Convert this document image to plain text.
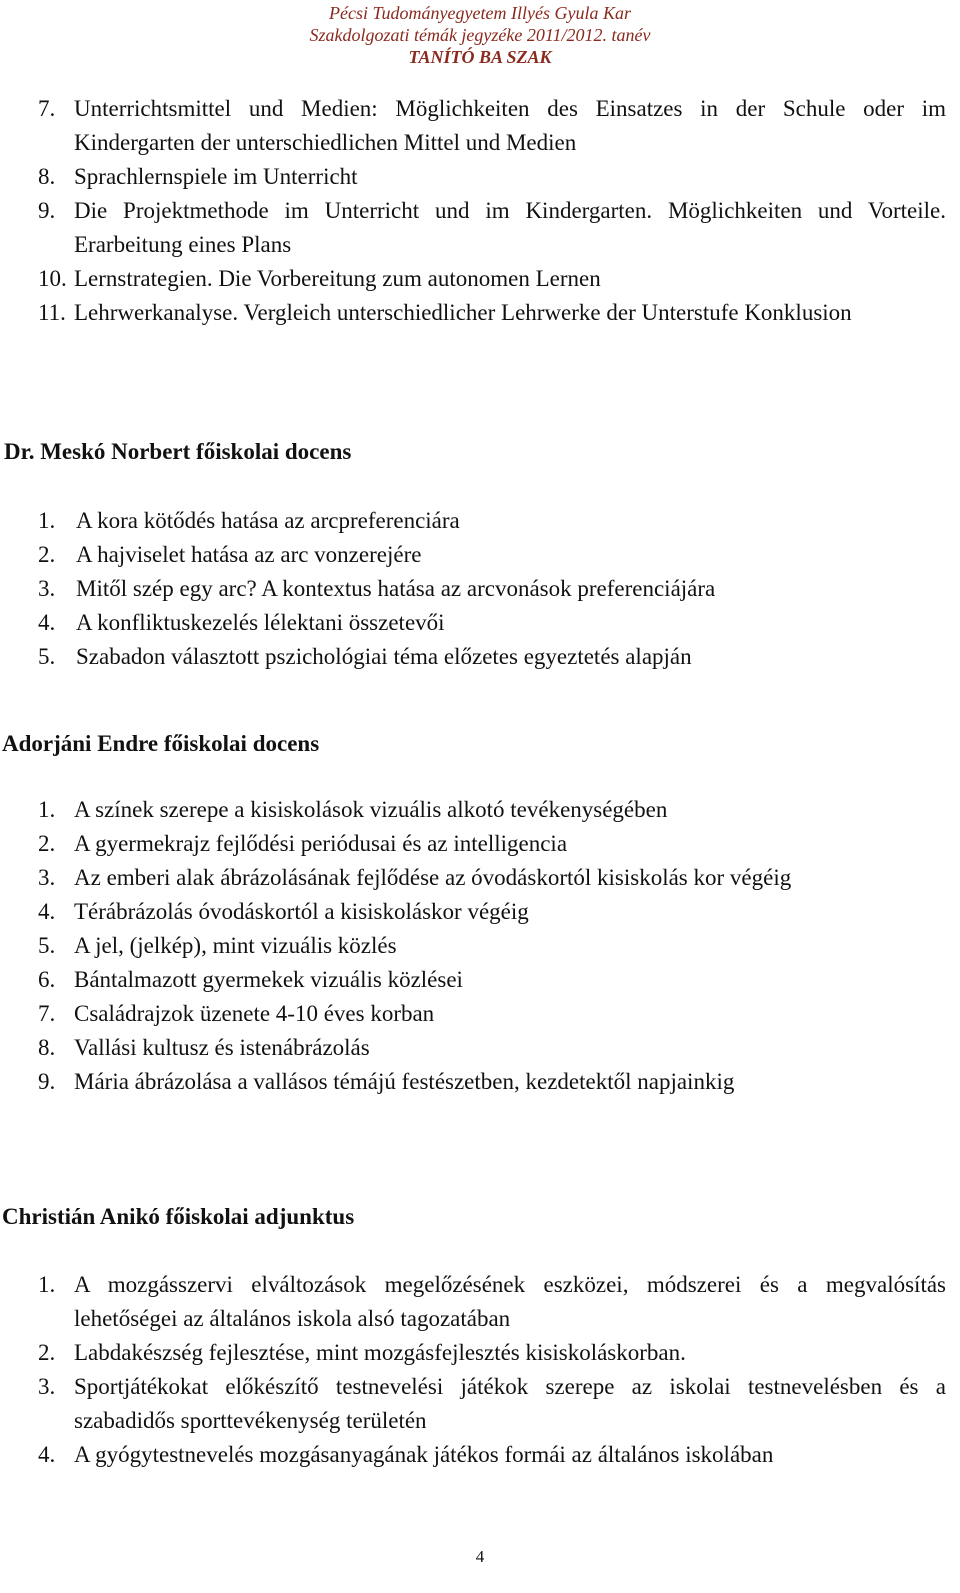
Pécsi Tudományegyetem Illyés Gyula Kar
Szakdolgozati témák jegyzéke 2011/2012. tanév
TANÍTÓ BA SZAK
7. Unterrichtsmittel und Medien: Möglichkeiten des Einsatzes in der Schule oder im Kindergarten der unterschiedlichen Mittel und Medien
8. Sprachlernspiele im Unterricht
9. Die Projektmethode im Unterricht und im Kindergarten. Möglichkeiten und Vorteile. Erarbeitung eines Plans
10. Lernstrategien. Die Vorbereitung zum autonomen Lernen
11. Lehrwerkanalyse. Vergleich unterschiedlicher Lehrwerke der Unterstufe Konklusion
Dr. Meskó Norbert főiskolai docens
1. A kora kötődés hatása az arcpreferenciára
2. A hajviselet hatása az arc vonzerejére
3. Mitől szép egy arc? A kontextus hatása az arcvonások preferenciájára
4. A konfliktuskezelés lélektani összetevői
5. Szabadon választott pszichológiai téma előzetes egyeztetés alapján
Adorjáni Endre főiskolai docens
1. A színek szerepe a kisiskolások vizuális alkotó tevékenységében
2. A gyermekrajz fejlődési periódusai és az intelligencia
3. Az emberi alak ábrázolásának fejlődése az óvodáskortól kisiskolás kor végéig
4. Térábrázolás óvodáskortól a kisiskoláskor végéig
5. A jel, (jelkép), mint vizuális közlés
6. Bántalmazott gyermekek vizuális közlései
7. Családrajzok üzenete 4-10 éves korban
8. Vallási kultusz és istenábrázolás
9. Mária ábrázolása a vallásos témájú festészetben, kezdetektől napjainkig
Christián Anikó főiskolai adjunktus
1. A mozgásszervi elváltozások megelőzésének eszközei, módszerei és a megvalósítás lehetőségei az általános iskola alsó tagozatában
2. Labdakészség fejlesztése, mint mozgásfejlesztés kisiskoláskorban.
3. Sportjátékokat előkészítő testnevelési játékok szerepe az iskolai testnevelésben és a szabadidős sporttevékenység területén
4. A gyógytestnevelés mozgásanyagának játékos formái az általános iskolában
4
